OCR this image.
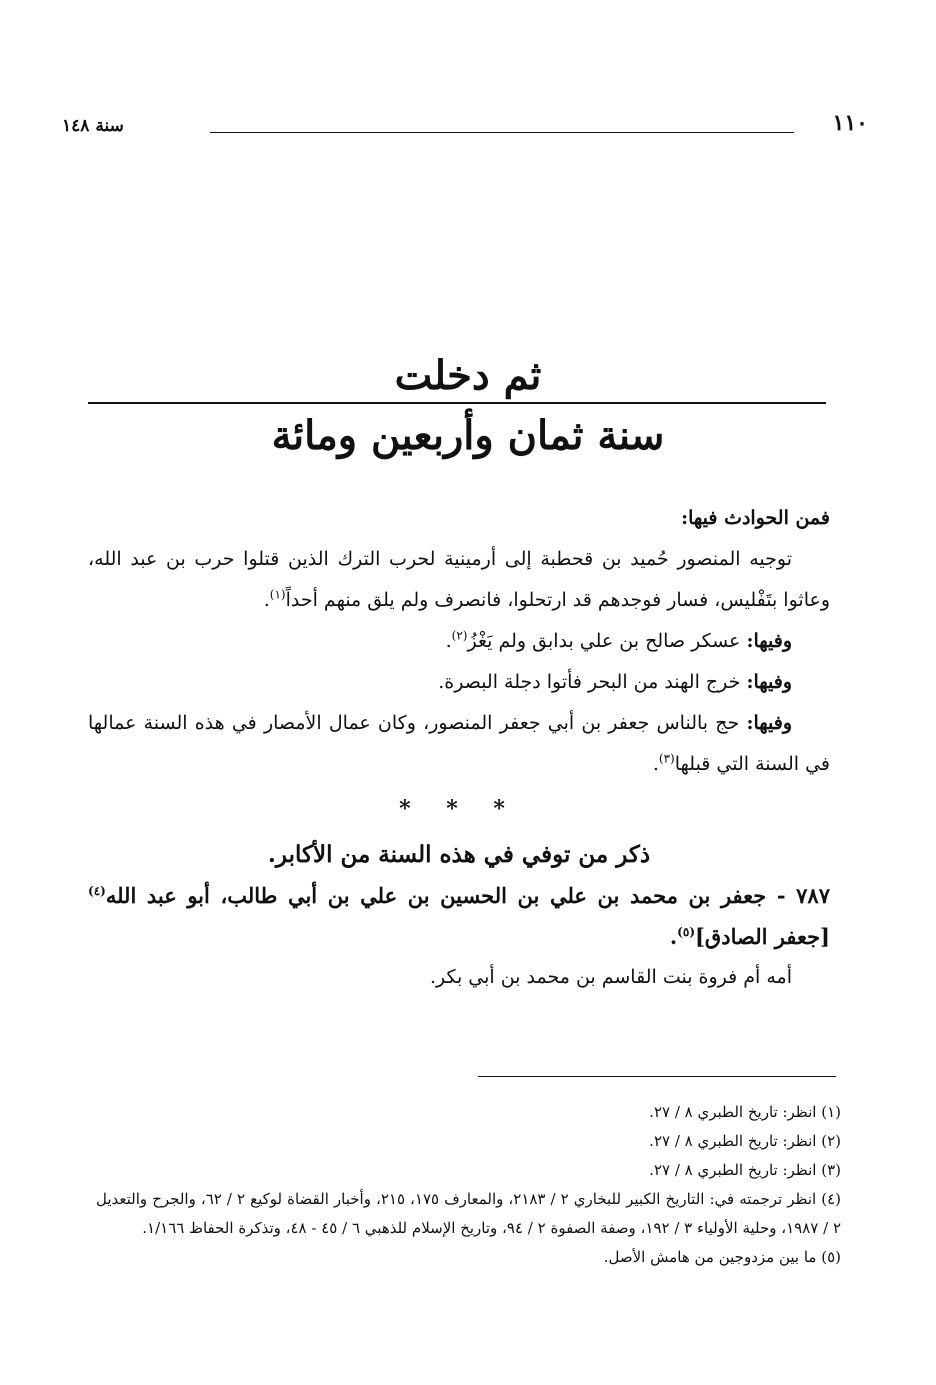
١١٠
سنة ١٤٨
ثم دخلت
سنة ثمان وأربعين ومائة

فمن الحوادث فيها:

توجيه المنصور حُميد بن قحطبة إلى أرمينية لحرب الترك الذين قتلوا حرب بن عبد الله، وعاثوا بتَفْليس، فسار فوجدهم قد ارتحلوا، فانصرف ولم يلق منهم أحداً$^{(١)}$.

وفيها: عسكر صالح بن علي بدابق ولم يَغْزُ$^{(٢)}$.

وفيها: خرج الهند من البحر فأتوا دجلة البصرة.

وفيها: حج بالناس جعفر بن أبي جعفر المنصور، وكان عمال الأمصار في هذه السنة عمالها في السنة التي قبلها$^{(٣)}$.

* * *

ذكر من توفي في هذه السنة من الأكابر.

٧٨٧ - جعفر بن محمد بن علي بن الحسين بن علي بن أبي طالب، أبو عبد الله$^{(٤)}$ [جعفر الصادق]$^{(٥)}$.

أمه أم فروة بنت القاسم بن محمد بن أبي بكر.

(١) انظر: تاريخ الطبري ٨ / ٢٧.

(٢) انظر: تاريخ الطبري ٨ / ٢٧.

(٣) انظر: تاريخ الطبري ٨ / ٢٧.

(٤) انظر ترجمته في: التاريخ الكبير للبخاري ٢ / ٢١٨٣، والمعارف ١٧٥، ٢١٥، وأخبار القضاة لوكيع ٢ / ٦٢، والجرح والتعديل ٢ / ١٩٨٧، وحلية الأولياء ٣ / ١٩٢، وصفة الصفوة ٢ / ٩٤، وتاريخ الإسلام للذهبي ٦ / ٤٥ - ٤٨، وتذكرة الحفاظ ١/١٦٦.

(٥) ما بين مزدوجين من هامش الأصل.
